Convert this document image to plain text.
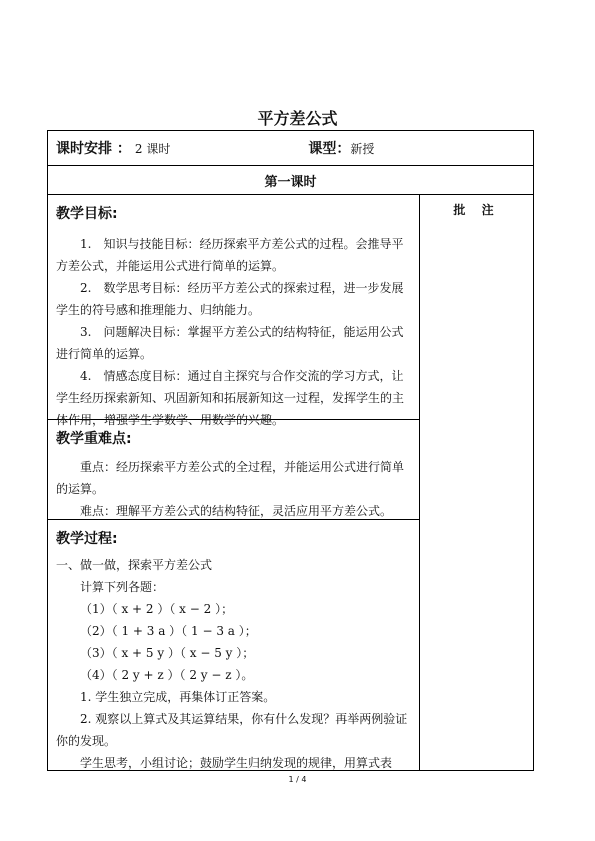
平方差公式
课时安排 ： 2 课时	课型： 新授

第一课时

教学目标:
1.　知识与技能目标：经历探索平方差公式的过程。会推导平方差公式，并能运用公式进行简单的运算。
2.　数学思考目标：经历平方差公式的探索过程，进一步发展学生的符号感和推理能力、归纳能力。
3.　问题解决目标：掌握平方差公式的结构特征，能运用公式进行简单的运算。
4.　情感态度目标：通过自主探究与合作交流的学习方式，让学生经历探索新知、巩固新知和拓展新知这一过程，发挥学生的主体作用，增强学生学数学、用数学的兴趣。
教学重难点:
重点：经历探索平方差公式的全过程，并能运用公式进行简单的运算。
难点：理解平方差公式的结构特征，灵活应用平方差公式。
教学过程:
一、做一做，探索平方差公式
计算下列各题：
（1）（ x + 2 ）（ x − 2 ）；
（2）（ 1 + 3 a ）（ 1 − 3 a ）；
（3）（ x + 5 y ）（ x − 5 y ）；
（4）（ 2 y + z ）（ 2 y − z ）。
1. 学生独立完成，再集体订正答案。
2. 观察以上算式及其运算结果，你有什么发现？再举两例验证你的发现。
学生思考，小组讨论；鼓励学生归纳发现的规律，用算式表

批 注
1 / 4
